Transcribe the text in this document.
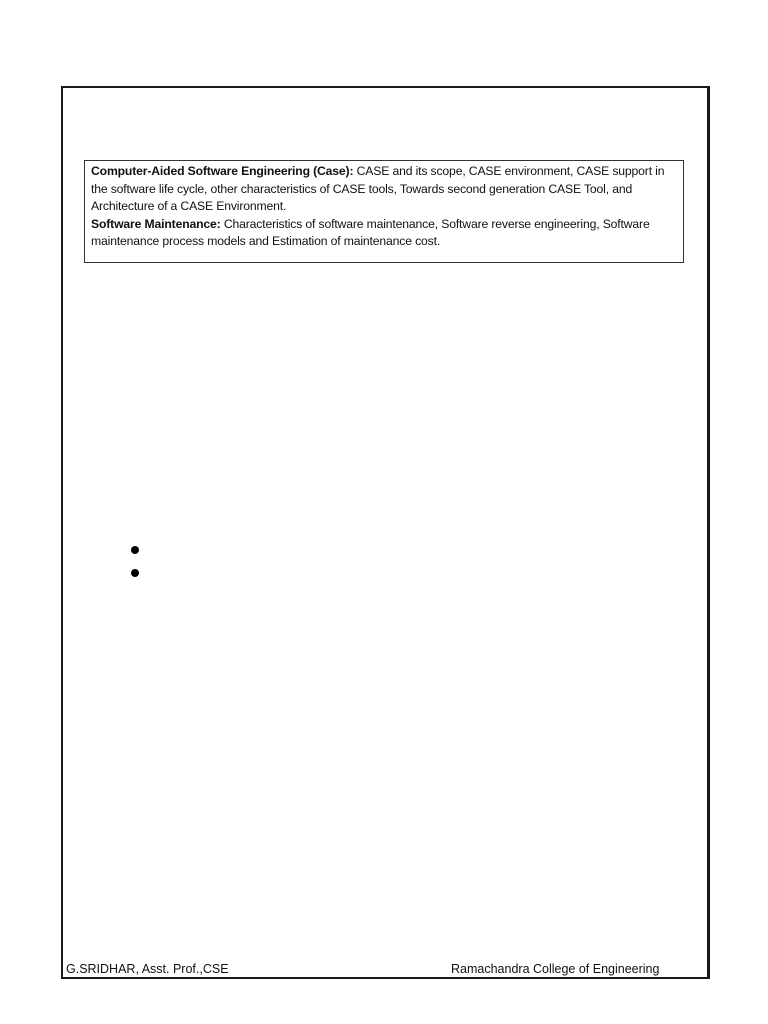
Computer-Aided Software Engineering (Case): CASE and its scope, CASE environment, CASE support in the software life cycle, other characteristics of CASE tools, Towards second generation CASE Tool, and Architecture of a CASE Environment.

Software Maintenance: Characteristics of software maintenance, Software reverse engineering, Software maintenance process models and Estimation of maintenance cost.

G.SRIDHAR, Asst. Prof.,CSE	Ramachandra College of Engineering
